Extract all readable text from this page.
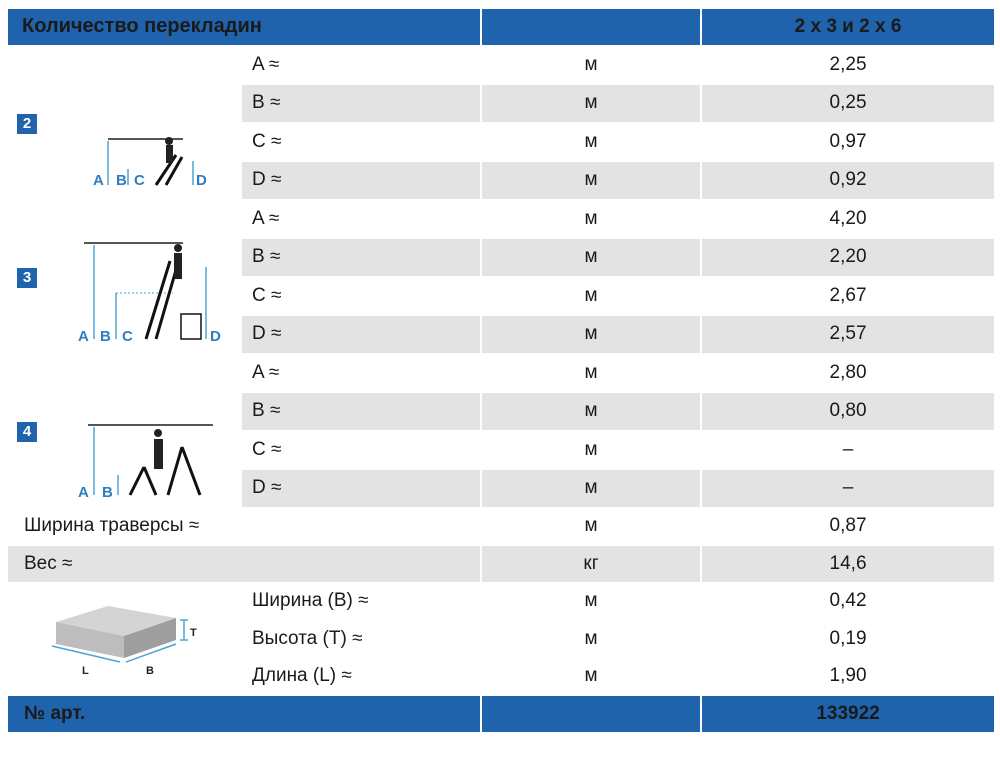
Количество перекладин				2 x 3 и 2 x 6
2	A B C D	A ≈	м	2,25
		B ≈	м	0,25
		C ≈	м	0,97
		D ≈	м	0,92
3	A B C D	A ≈	м	4,20
		B ≈	м	2,20
		C ≈	м	2,67
		D ≈	м	2,57
4	A B	A ≈	м	2,80
		B ≈	м	0,80
		C ≈	м	–
		D ≈	м	–
Ширина траверсы ≈			м	0,87
Вес ≈			кг	14,6

T
L B		Ширина (B) ≈	м	0,42
		Высота (T) ≈	м	0,19
		Длина (L) ≈	м	1,90
№ арт.				133922
